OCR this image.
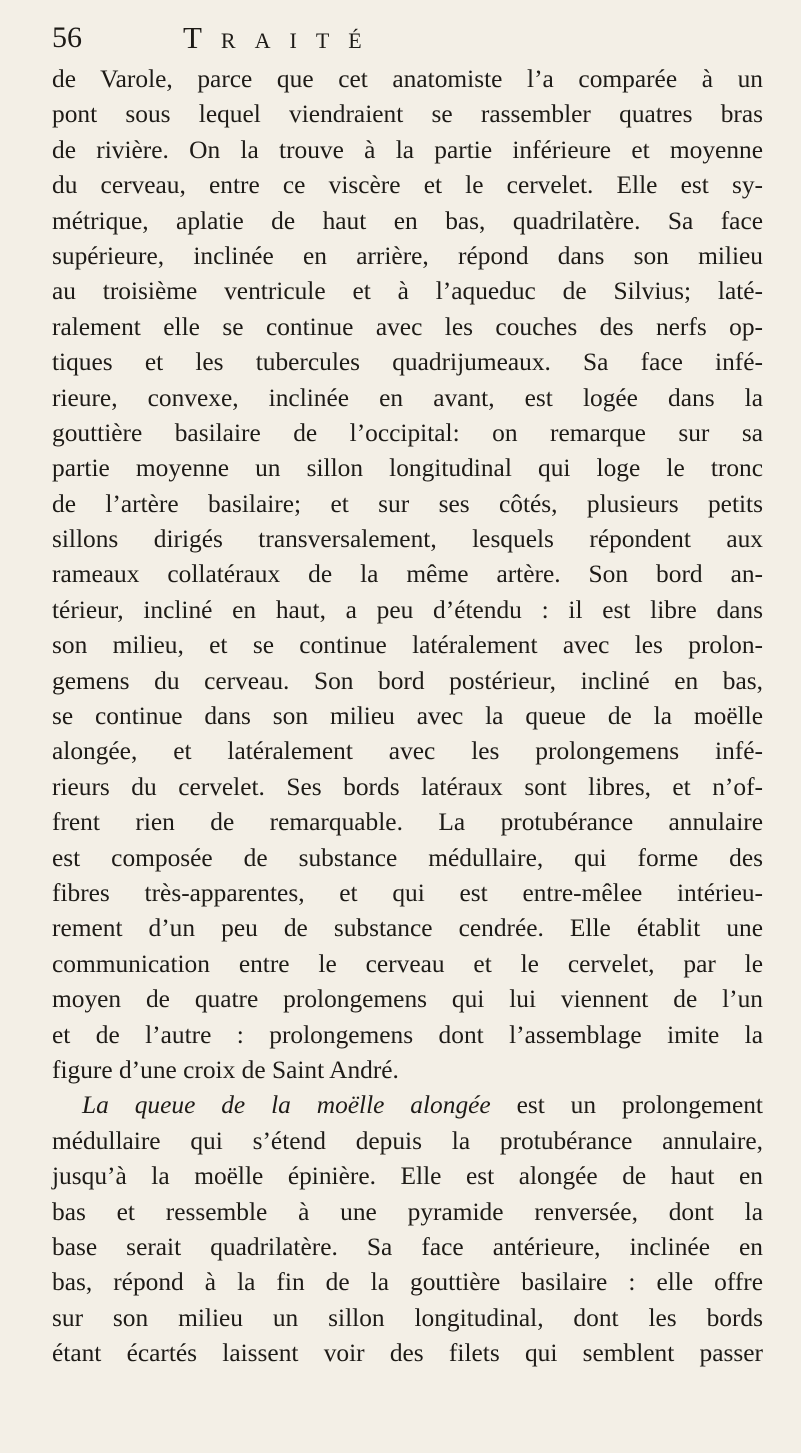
56	Traité
de Varole, parce que cet anatomiste l’a comparée à un
pont sous lequel viendraient se rassembler quatres bras
de rivière. On la trouve à la partie inférieure et moyenne
du cerveau, entre ce viscère et le cervelet. Elle est sy-
métrique, aplatie de haut en bas, quadrilatère. Sa face
supérieure, inclinée en arrière, répond dans son milieu
au troisième ventricule et à l’aqueduc de Silvius; laté-
ralement elle se continue avec les couches des nerfs op-
tiques et les tubercules quadrijumeaux. Sa face infé-
rieure, convexe, inclinée en avant, est logée dans la
gouttière basilaire de l’occipital: on remarque sur sa
partie moyenne un sillon longitudinal qui loge le tronc
de l’artère basilaire; et sur ses côtés, plusieurs petits
sillons dirigés transversalement, lesquels répondent aux
rameaux collatéraux de la même artère. Son bord an-
térieur, incliné en haut, a peu d’étendu : il est libre dans
son milieu, et se continue latéralement avec les prolon-
gemens du cerveau. Son bord postérieur, incliné en bas,
se continue dans son milieu avec la queue de la moëlle
alongée, et latéralement avec les prolongemens infé-
rieurs du cervelet. Ses bords latéraux sont libres, et n’of-
frent rien de remarquable. La protubérance annulaire
est composée de substance médullaire, qui forme des
fibres très-apparentes, et qui est entre-mêlee intérieu-
rement d’un peu de substance cendrée. Elle établit une
communication entre le cerveau et le cervelet, par le
moyen de quatre prolongemens qui lui viennent de l’un
et de l’autre : prolongemens dont l’assemblage imite la
figure d’une croix de Saint André.
La queue de la moëlle alongée est un prolongement
médullaire qui s’étend depuis la protubérance annulaire,
jusqu’à la moëlle épinière. Elle est alongée de haut en
bas et ressemble à une pyramide renversée, dont la
base serait quadrilatère. Sa face antérieure, inclinée en
bas, répond à la fin de la gouttière basilaire : elle offre
sur son milieu un sillon longitudinal, dont les bords
étant écartés laissent voir des filets qui semblent passer
